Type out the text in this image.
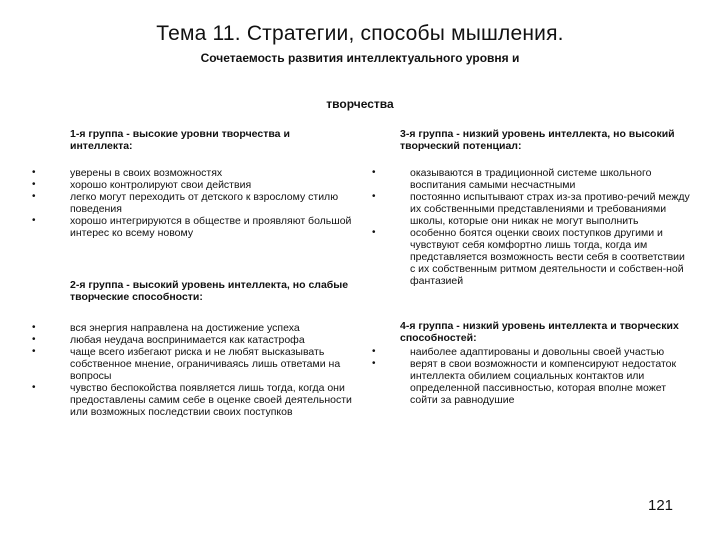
Тема 11. Стратегии, способы мышления.
Сочетаемость развития интеллектуального уровня и
творчества
1-я группа - высокие уровни творчества и интеллекта:
• уверены в своих возможностях
• хорошо контролируют свои действия
• легко могут переходить от детского к взрослому стилю поведения
• хорошо интегрируются в обществе и проявляют большой интерес ко всему новому
2-я группа - высокий уровень интеллекта, но слабые творческие способности:
• вся энергия направлена на достижение успеха
• любая неудача воспринимается как катастрофа
• чаще всего избегают риска и не любят высказывать собственное мнение, ограничиваясь лишь ответами на вопросы
• чувство беспокойства появляется лишь тогда, когда они предоставлены самим себе в оценке своей деятельности или возможных последствии своих поступков
3-я группа - низкий уровень интеллекта, но высокий творческий потенциал:
• оказываются в традиционной системе школьного воспитания самыми несчастными
• постоянно испытывают страх из-за противо-речий между их собственными представлениями и требованиями школы, которые они никак не могут выполнить
• особенно боятся оценки своих поступков другими и чувствуют себя комфортно лишь тогда, когда им представляется возможность вести себя в соответствии с их собственным ритмом деятельности и собствен-ной фантазией
4-я группа - низкий уровень интеллекта и творческих способностей:
• наиболее адаптированы и довольны своей участью
• верят в свои возможности и компенсируют недостаток интеллекта обилием социальных контактов или определенной пассивностью, которая вполне может сойти за равнодушие
121
